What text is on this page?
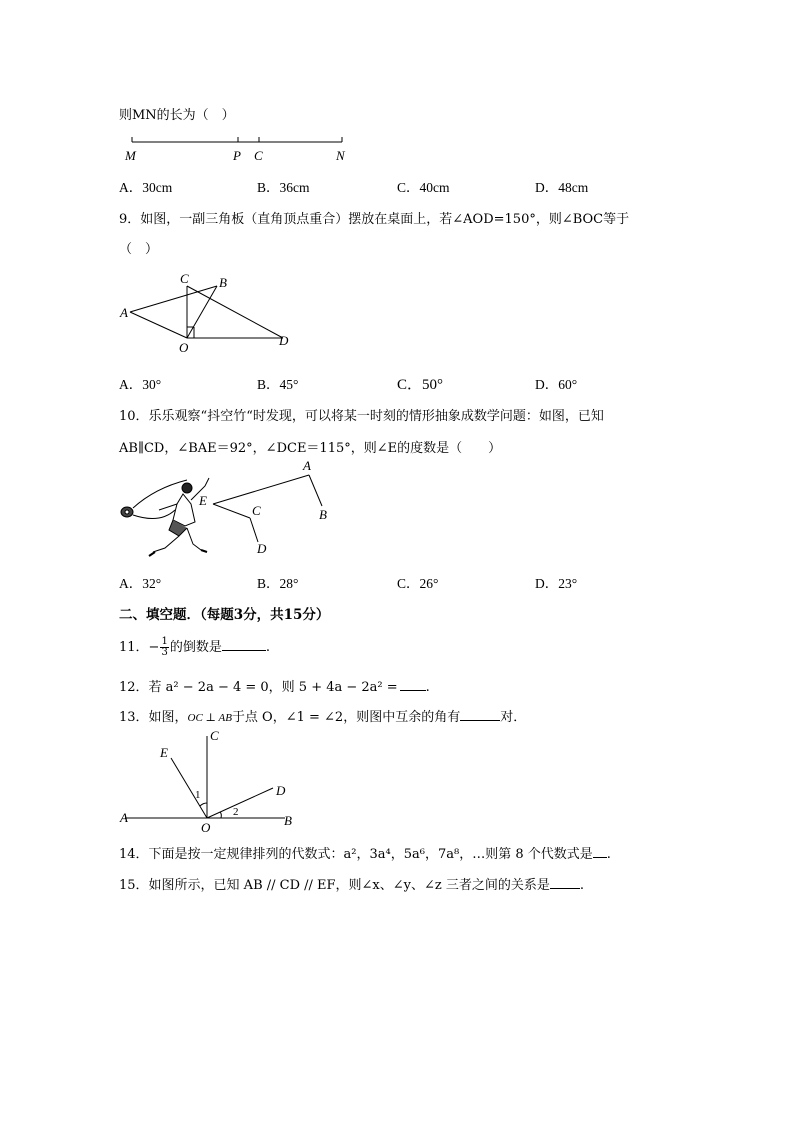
则MN的长为（　）
M	P C	N
A．30cm	B．36cm	C．40cm	D．48cm
9．如图，一副三角板（直角顶点重合）摆放在桌面上，若∠AOD=150°，则∠BOC等于
（　）
C B
A
O	D
A．30°	B．45°	C．50°	D．60°
10．乐乐观察“抖空竹“时发现，可以将某一时刻的情形抽象成数学问题：如图，已知
AB∥CD，∠BAE＝92°，∠DCE＝115°，则∠E的度数是（　　）
A
E
C	B
D
A．32°	B．28°	C．26°	D．23°
二、填空题．（每题3分，共15分）
11．− $\frac{1}{3}$ 的倒数是	.
12．若 a² − 2a − 4 = 0，则 5 + 4a − 2a² = .
13．如图，OC ⊥ AB于点 O，∠1 = ∠2，则图中互余的角有	对．
C
E
D
1
2
A
O	B
14．下面是按一定规律排列的代数式：a²，3a⁴，5a⁶，7a⁸，…则第 8 个代数式是 .
15．如图所示，已知 AB // CD // EF，则∠x、∠y、∠z 三者之间的关系是 .
